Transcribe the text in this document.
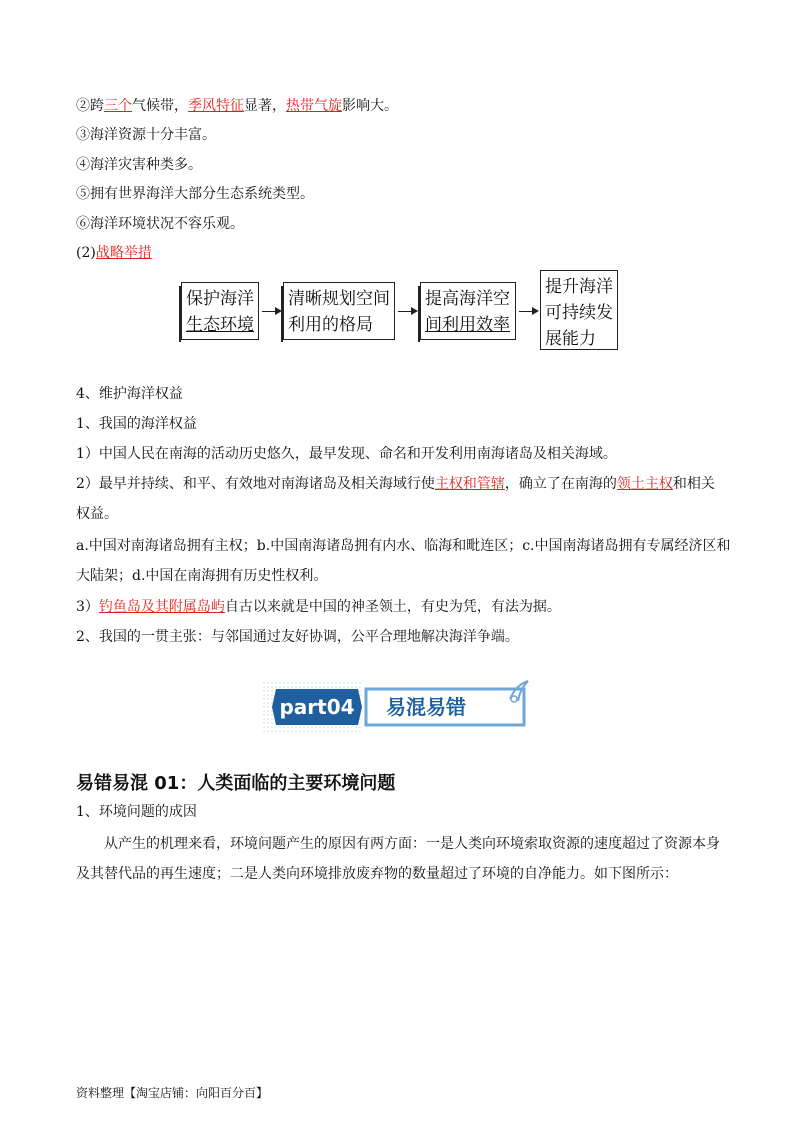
②跨三个气候带，季风特征显著，热带气旋影响大。
③海洋资源十分丰富。
④海洋灾害种类多。
⑤拥有世界海洋大部分生态系统类型。
⑥海洋环境状况不容乐观。
(2)战略举措
保护海洋
生态环境
清晰规划空间
利用的格局
提高海洋空
间利用效率
提升海洋
可持续发
展能力
4、维护海洋权益
1、我国的海洋权益
1）中国人民在南海的活动历史悠久，最早发现、命名和开发利用南海诸岛及相关海域。
2）最早并持续、和平、有效地对南海诸岛及相关海域行使主权和管辖，确立了在南海的领土主权和相关
权益。
a.中国对南海诸岛拥有主权；b.中国南海诸岛拥有内水、临海和毗连区；c.中国南海诸岛拥有专属经济区和
大陆架；d.中国在南海拥有历史性权利。
3）钓鱼岛及其附属岛屿自古以来就是中国的神圣领土，有史为凭，有法为据。
2、我国的一贯主张：与邻国通过友好协调，公平合理地解决海洋争端。
part04	易混易错
易错易混 01：人类面临的主要环境问题
1、环境问题的成因
从产生的机理来看，环境问题产生的原因有两方面：一是人类向环境索取资源的速度超过了资源本身及其替代品的再生速度；二是人类向环境排放废弃物的数量超过了环境的自净能力。如下图所示：
资料整理【淘宝店铺：向阳百分百】
